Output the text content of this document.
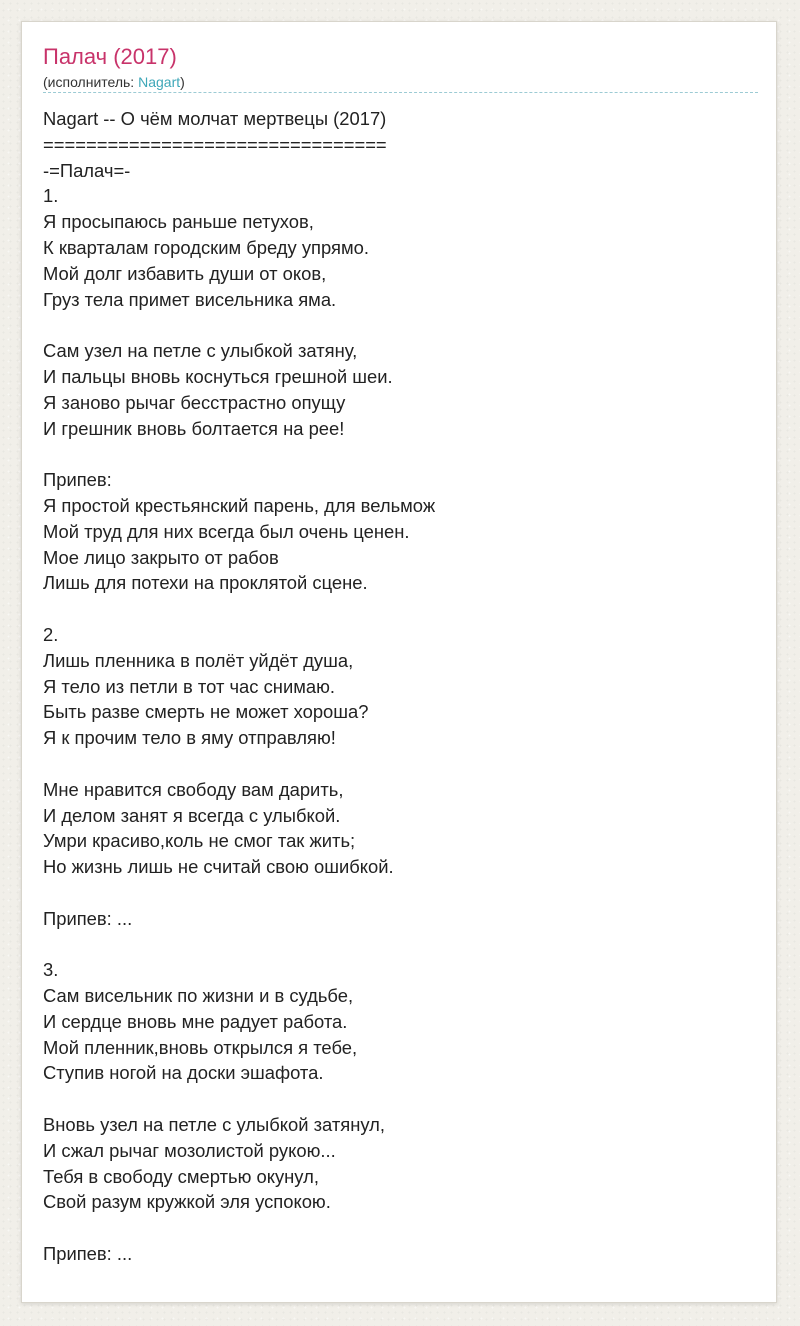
Палач (2017)
(исполнитель: Nagart)
Nagart -- О чём молчат мертвецы (2017)
================================
-=Палач=-
1.
Я просыпаюсь раньше петухов,
К кварталам городским бреду упрямо.
Мой долг избавить души от оков,
Груз тела примет висельника яма.

Сам узел на петле с улыбкой затяну,
И пальцы вновь коснуться грешной шеи.
Я заново рычаг бесстрастно опущу
И грешник вновь болтается на рее!

Припев:
Я простой крестьянский парень, для вельмож
Мой труд для них всегда был очень ценен.
Мое лицо закрыто от рабов
Лишь для потехи на проклятой сцене.

2.
Лишь пленника в полёт уйдёт душа,
Я тело из петли в тот час снимаю.
Быть разве смерть не может хороша?
Я к прочим тело в яму отправляю!

Мне нравится свободу вам дарить,
И делом занят я всегда с улыбкой.
Умри красиво,коль не смог так жить;
Но жизнь лишь не считай свою ошибкой.

Припев: ...

3.
Сам висельник по жизни и в судьбе,
И сердце вновь мне радует работа.
Мой пленник,вновь открылся я тебе,
Ступив ногой на доски эшафота.

Вновь узел на петле с улыбкой затянул,
И сжал рычаг мозолистой рукою...
Тебя в свободу смертью окунул,
Свой разум кружкой эля успокою.

Припев: ...
